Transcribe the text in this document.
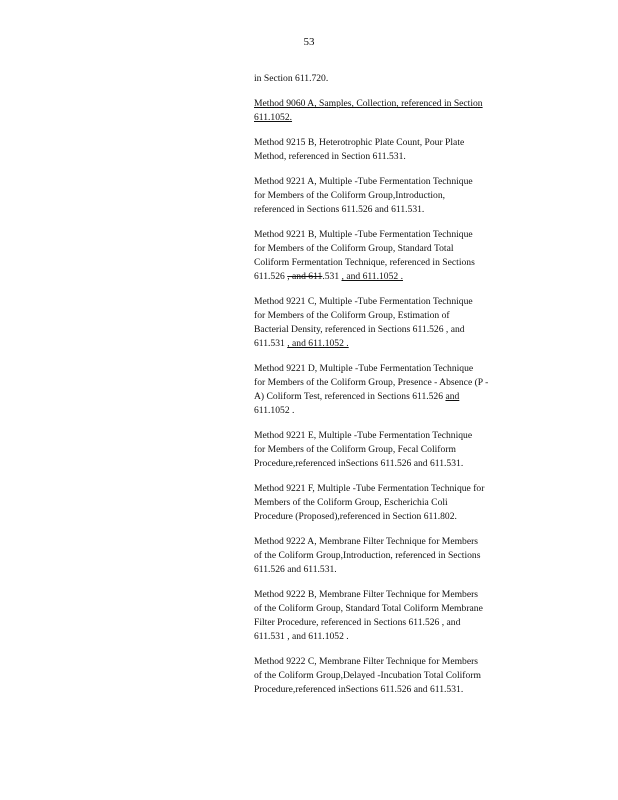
53
in Section 611.720.
Method 9060 A, Samples, Collection, referenced in Section
611.1052.
Method 9215 B, Heterotrophic Plate Count, Pour Plate
Method, referenced in Section 611.531.
Method 9221 A, Multiple -Tube Fermentation Technique
for Members of the Coliform Group,Introduction,
referenced in Sections 611.526 and 611.531.
Method 9221 B, Multiple -Tube Fermentation Technique
for Members of the Coliform Group, Standard Total
Coliform Fermentation Technique, referenced in Sections
611.526 , and 611.531 , and 611.1052 .
Method 9221 C, Multiple -Tube Fermentation Technique
for Members of the Coliform Group, Estimation of
Bacterial Density, referenced in Sections 611.526 , and
611.531 , and 611.1052 .
Method 9221 D, Multiple -Tube Fermentation Technique
for Members of the Coliform Group, Presence - Absence (P -
A) Coliform Test, referenced in Sections 611.526 and
611.1052 .
Method 9221 E, Multiple -Tube Fermentation Technique
for Members of the Coliform Group, Fecal Coliform
Procedure,referenced inSections 611.526 and 611.531.
Method 9221 F, Multiple -Tube Fermentation Technique for
Members of the Coliform Group, Escherichia Coli
Procedure (Proposed),referenced in Section 611.802.
Method 9222 A, Membrane Filter Technique for Members
of the Coliform Group,Introduction, referenced in Sections
611.526 and 611.531.
Method 9222 B, Membrane Filter Technique for Members
of the Coliform Group, Standard Total Coliform Membrane
Filter Procedure, referenced in Sections 611.526 , and
611.531 , and 611.1052 .
Method 9222 C, Membrane Filter Technique for Members
of the Coliform Group,Delayed -Incubation Total Coliform
Procedure,referenced inSections 611.526 and 611.531.
